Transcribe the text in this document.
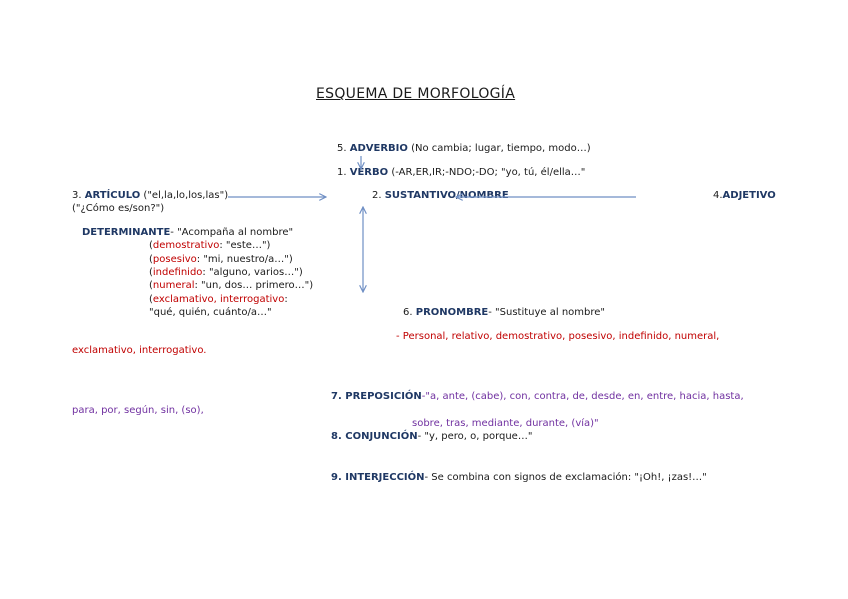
ESQUEMA DE MORFOLOGÍA
5. ADVERBIO (No cambia; lugar, tiempo, modo…)
1. VERBO (-AR,ER,IR;-NDO;-DO; "yo, tú, él/ella…"
3. ARTÍCULO ("el,la,lo,los,las")
("¿Cómo es/son?")
2. SUSTANTIVO/NOMBRE	4.ADJETIVO
DETERMINANTE- "Acompaña al nombre"
(demostrativo: "este…")
(posesivo: "mi, nuestro/a…")
(indefinido: "alguno, varios…")
(numeral: "un, dos… primero…")
(exclamativo, interrogativo:
"qué, quién, cuánto/a…"	6. PRONOMBRE- "Sustituye al nombre"
- Personal, relativo, demostrativo, posesivo, indefinido, numeral,
exclamativo, interrogativo.
7. PREPOSICIÓN-"a, ante, (cabe), con, contra, de, desde, en, entre, hacia, hasta,
para, por, según, sin, (so),
sobre, tras, mediante, durante, (vía)"
8. CONJUNCIÓN- "y, pero, o, porque…"
9. INTERJECCIÓN- Se combina con signos de exclamación: "¡Oh!, ¡zas!…"
